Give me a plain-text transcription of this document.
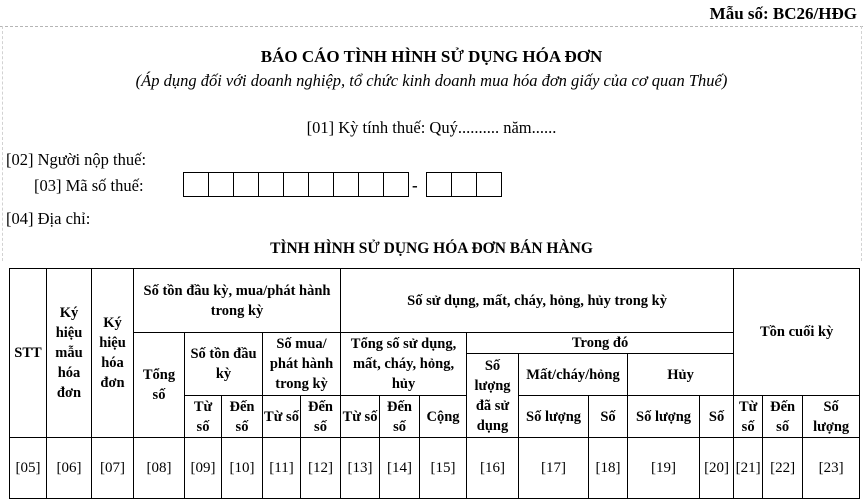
Mẫu số: BC26/HĐG
BÁO CÁO TÌNH HÌNH SỬ DỤNG HÓA ĐƠN
(Áp dụng đối với doanh nghiệp, tổ chức kinh doanh mua hóa đơn giấy của cơ quan Thuế)
[01] Kỳ tính thuế: Quý.......... năm......
[02] Người nộp thuế:
[03] Mã số thuế:	-
[04] Địa chỉ:
TÌNH HÌNH SỬ DỤNG HÓA ĐƠN BÁN HÀNG
STT	Ký hiệu mẫu hóa đơn	Ký hiệu hóa đơn	Số tồn đầu kỳ, mua/phát hành trong kỳ					Số sử dụng, mất, cháy, hỏng, hủy trong kỳ								Tồn cuối kỳ		
			Tổng số	Số tồn đầu kỳ		Số mua/ phát hành trong kỳ		Tổng số sử dụng, mất, cháy, hỏng, hủy			Trong đó							
											Số lượng đã sử dụng	Mất/cháy/hỏng		Hủy				
				Từ số	Đến số	Từ số	Đến số	Từ số	Đến số	Cộng		Số lượng	Số	Số lượng	Số	Từ số	Đến số	Số lượng
[05]	[06]	[07]	[08]	[09]	[10]	[11]	[12]	[13]	[14]	[15]	[16]	[17]	[18]	[19]	[20]	[21]	[22]	[23]
